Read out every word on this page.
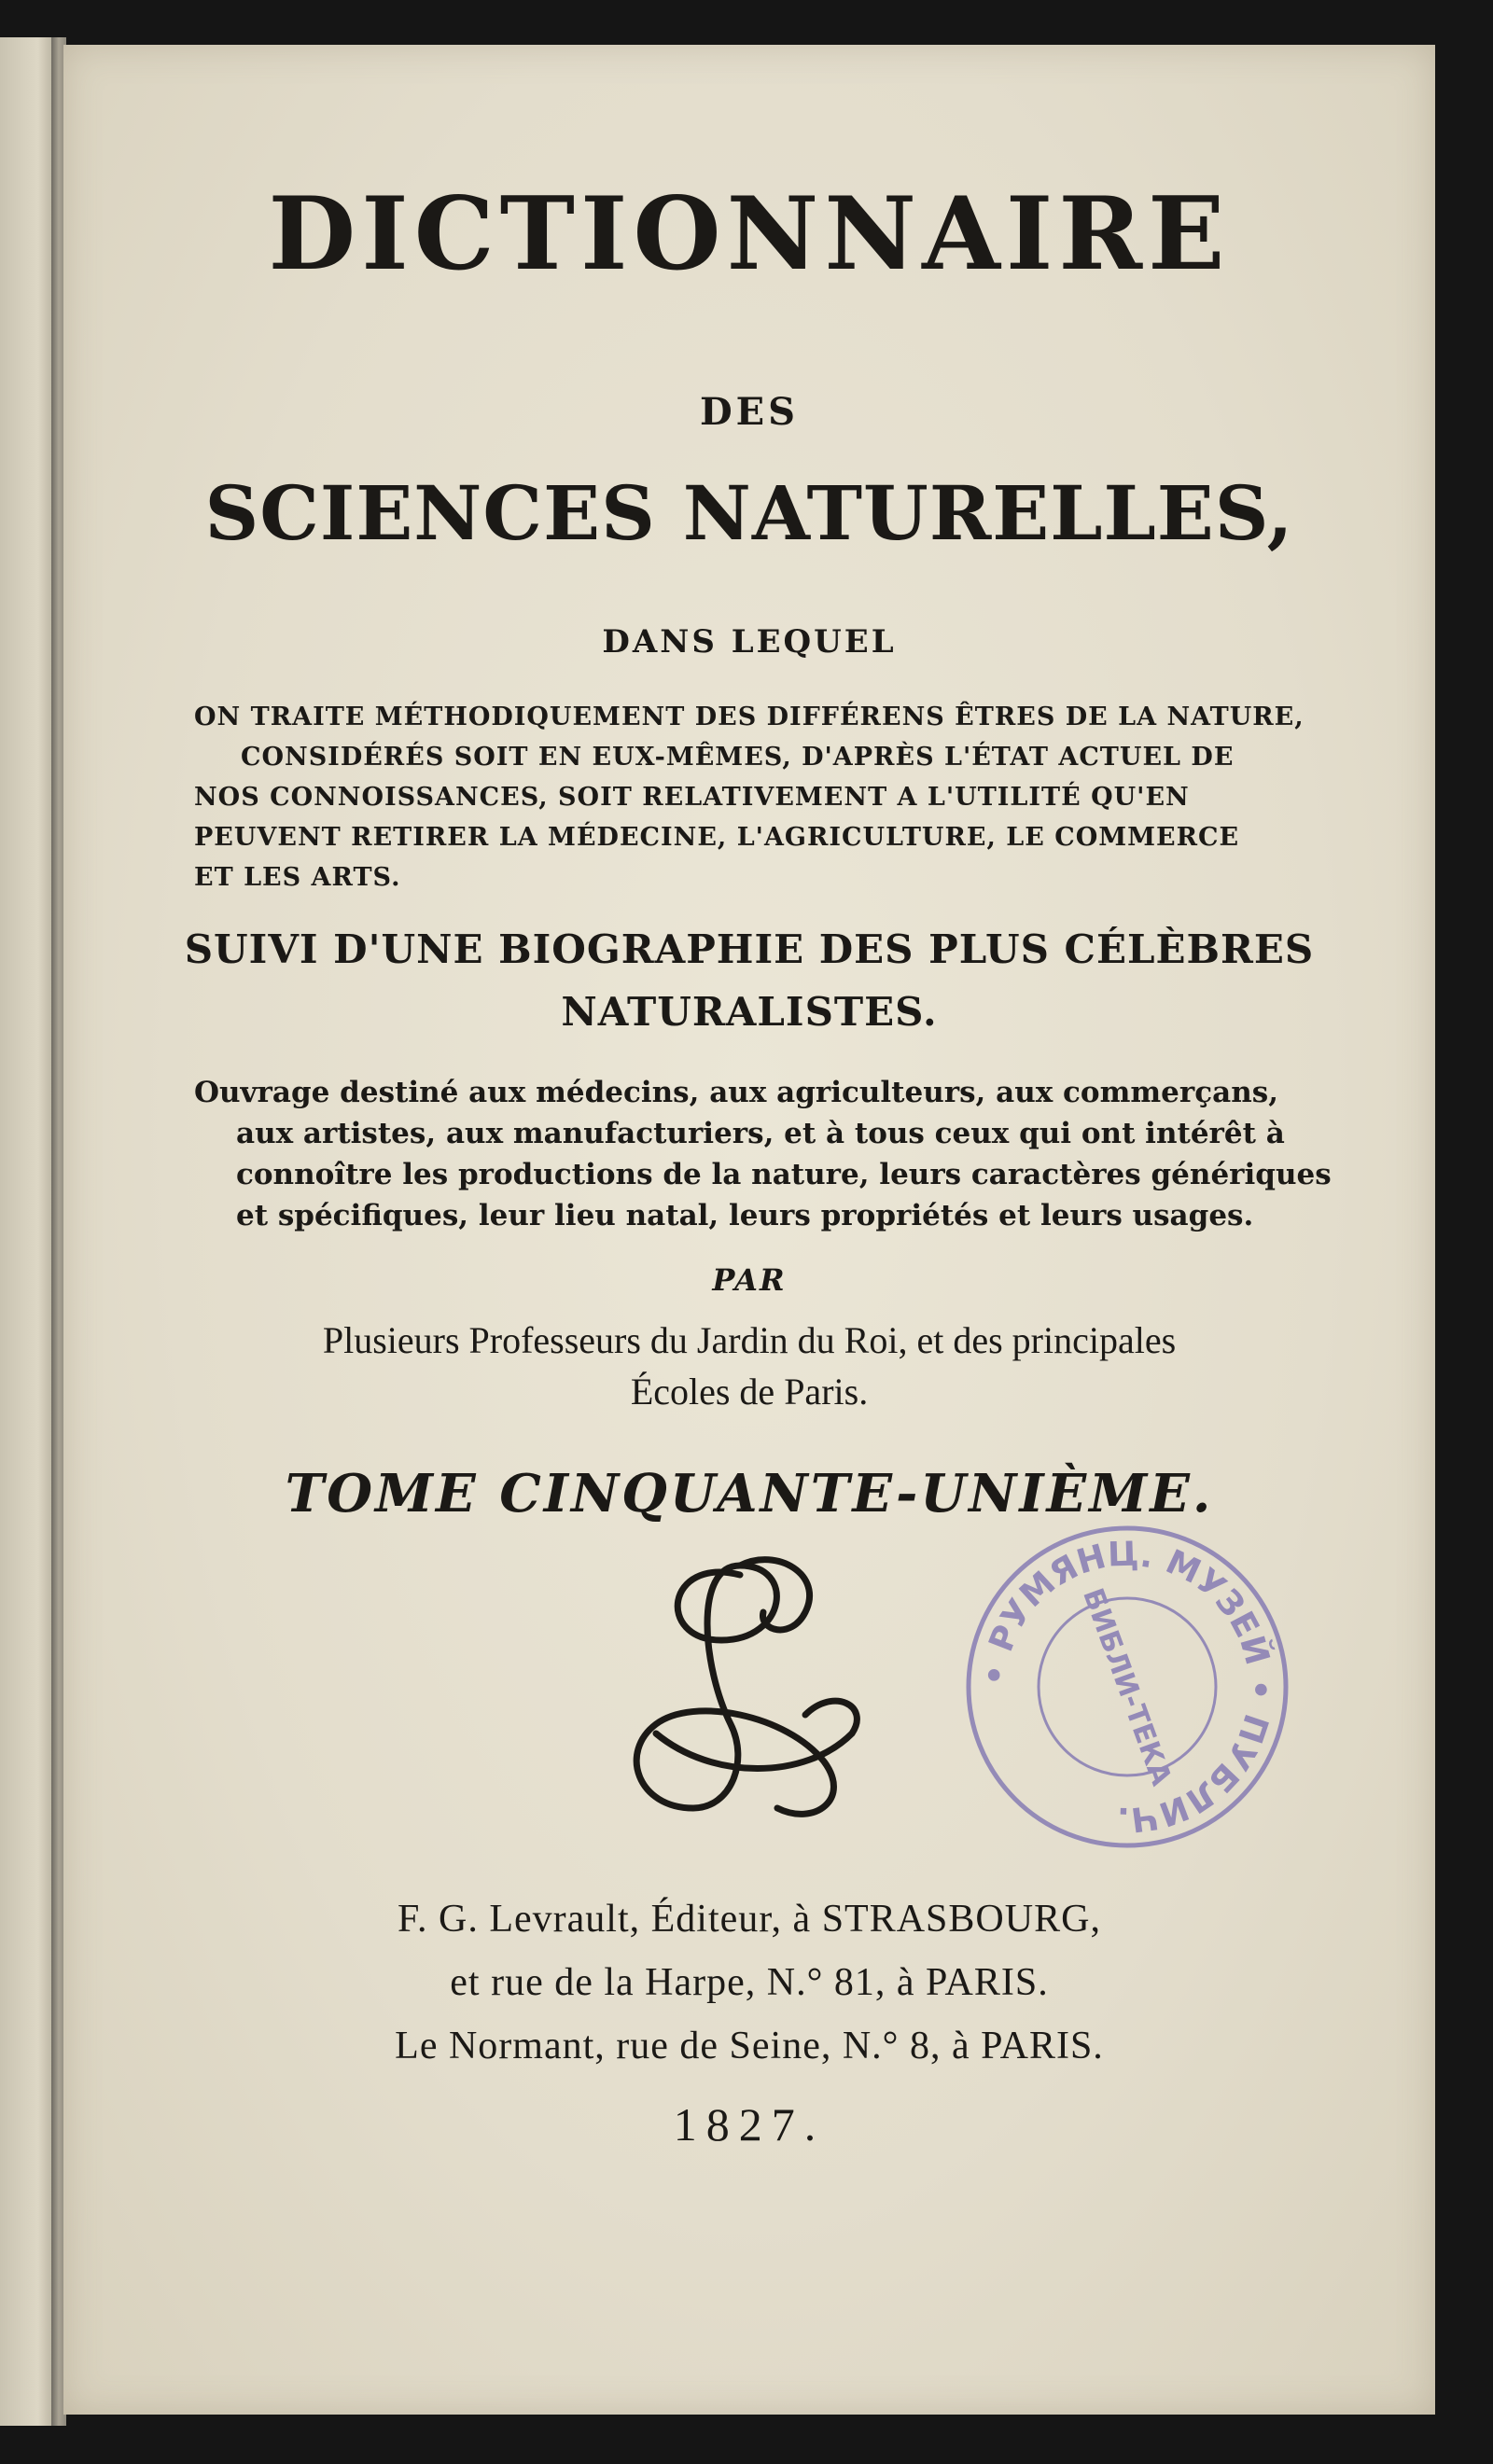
DICTIONNAIRE
DES
SCIENCES NATURELLES,
DANS LEQUEL
ON TRAITE MÉTHODIQUEMENT DES DIFFÉRENS ÊTRES DE LA NATURE,
CONSIDÉRÉS SOIT EN EUX-MÊMES, D'APRÈS L'ÉTAT ACTUEL DE
NOS CONNOISSANCES, SOIT RELATIVEMENT A L'UTILITÉ QU'EN
PEUVENT RETIRER LA MÉDECINE, L'AGRICULTURE, LE COMMERCE
ET LES ARTS.
SUIVI D'UNE BIOGRAPHIE DES PLUS CÉLÈBRES
NATURALISTES.
Ouvrage destiné aux médecins, aux agriculteurs, aux commerçans,
aux artistes, aux manufacturiers, et à tous ceux qui ont intérêt à
connoître les productions de la nature, leurs caractères génériques
et spécifiques, leur lieu natal, leurs propriétés et leurs usages.
PAR
Plusieurs Professeurs du Jardin du Roi, et des principales
Écoles de Paris.
TOME CINQUANTE-UNIÈME.
L
• РУМЯНЦ. МУЗЕЙ • ПУБЛИЧ.
БИБЛИ-ТЕКА
F. G. Levrault, Éditeur, à STRASBOURG,
et rue de la Harpe, N.° 81, à PARIS.
Le Normant, rue de Seine, N.° 8, à PARIS.
1827.
